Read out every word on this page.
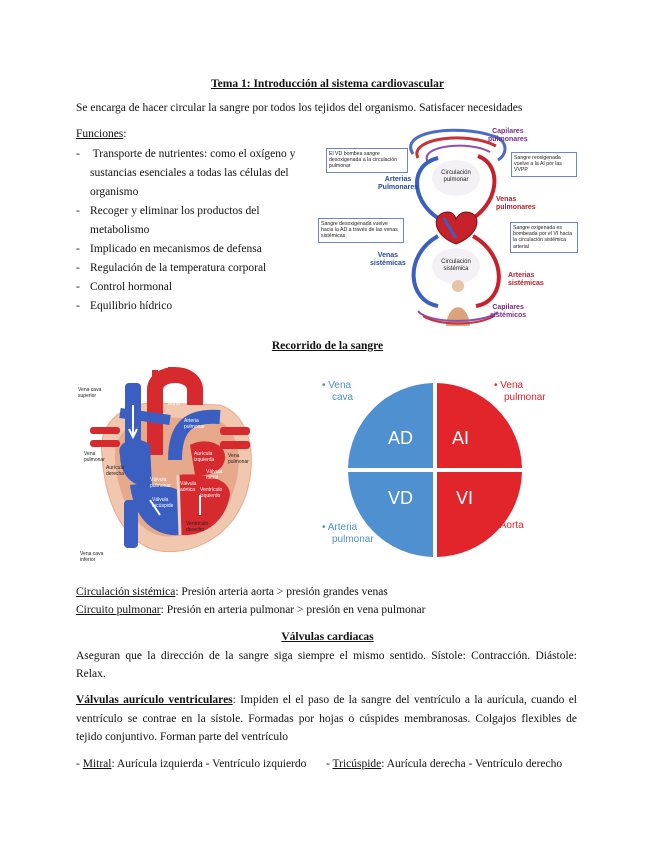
Tema 1: Introducción al sistema cardiovascular
Se encarga de hacer circular la sangre por todos los tejidos del organismo. Satisfacer necesidades
Funciones:
- Transporte de nutrientes: como el oxígeno y
sustancias esenciales a todas las células del
organismo
- Recoger y eliminar los productos del
metabolismo
- Implicado en mecanismos de defensa
- Regulación de la temperatura corporal
- Control hormonal
- Equilibrio hídrico
Capilares
pulmonares
Arterias
Pulmonares
Venas
pulmonares
Venas
sistémicas
Arterias
sistémicas
Capilares
sistémicos
Circulación
pulmonar
Circulación
sistémica
El VD bombea sangre desoxigenada a la circulación pulmonar
Sangre reoxigenada vuelve a la AI por las VVPP
Sangre desoxigenada vuelve hacia la AD a través de las venas sistémicas
Sangre oxigenada es bombeada por el VI hacia la circulación sistémica arterial
Recorrido de la sangre
Vena cava
superior
Aorta
Arteria
pulmonar
Vena
pulmonar
Vena
pulmonar
Aurícula
derecha
Aurícula
izquierda
Válvula
mitral
Válvula
pulmonar Válvula
aórtica
Válvula
tricúspide
Ventrículo
izquierdo
Ventrículo
derecho
Vena cava
inferior
AD AI
VD VI
• Vena
cava
• Vena
pulmonar
• Arteria
pulmonar
• Aorta
Circulación sistémica: Presión arteria aorta > presión grandes venas
Circuito pulmonar: Presión en arteria pulmonar > presión en vena pulmonar
Válvulas cardiacas
Aseguran que la dirección de la sangre siga siempre el mismo sentido. Sístole: Contracción. Diástole:
Relax.
Válvulas aurículo ventriculares: Impiden el el paso de la sangre del ventrículo a la aurícula, cuando el
ventrículo se contrae en la sístole. Formadas por hojas o cúspides membranosas. Colgajos flexibles de
tejido conjuntivo. Forman parte del ventrículo
- Mitral: Aurícula izquierda - Ventrículo izquierdo - Tricúspide: Aurícula derecha - Ventrículo derecho
